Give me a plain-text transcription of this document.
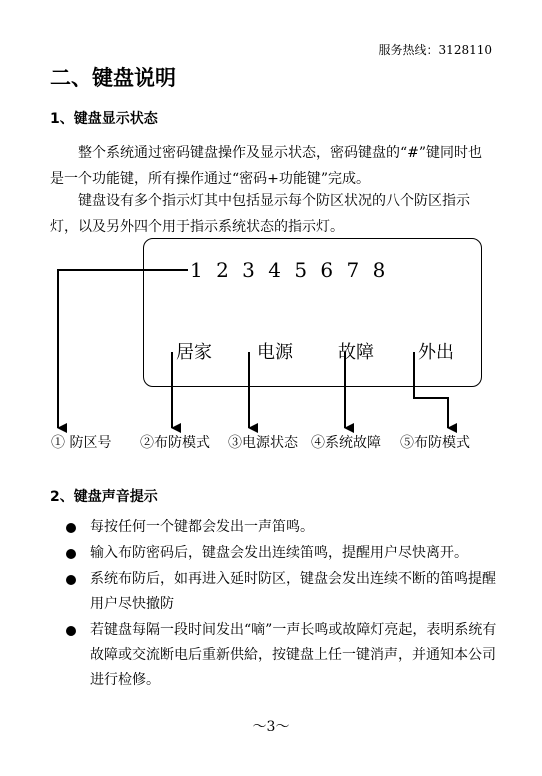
服务热线：3128110
二、键盘说明
1、键盘显示状态
整个系统通过密码键盘操作及显示状态，密码键盘的“#”键同时也是一个功能键，所有操作通过“密码+功能键”完成。
键盘设有多个指示灯其中包括显示每个防区状况的八个防区指示灯，以及另外四个用于指示系统状态的指示灯。
1 2 3 4 5 6 7 8
居家	电源	故障 外出
① 防区号 ②布防模式 ③电源状态 ④系统故障 ⑤布防模式
2、键盘声音提示
每按任何一个键都会发出一声笛鸣。
输入布防密码后，键盘会发出连续笛鸣，提醒用户尽快离开。
系统布防后，如再进入延时防区，键盘会发出连续不断的笛鸣提醒用户尽快撤防
若键盘每隔一段时间发出“嘀”一声长鸣或故障灯亮起，表明系统有故障或交流断电后重新供給，按键盘上任一键消声，并通知本公司进行检修。
～3～
